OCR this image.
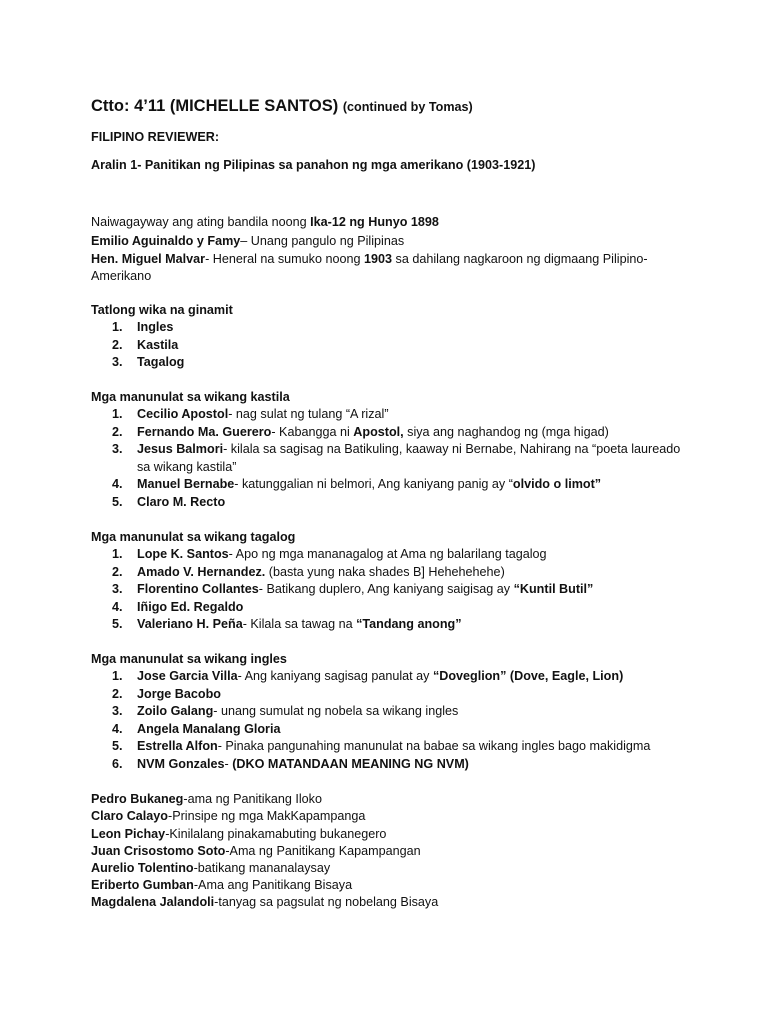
Ctto: 4’11 (MICHELLE SANTOS) (continued by Tomas)
FILIPINO REVIEWER:
Aralin 1- Panitikan ng Pilipinas sa panahon ng mga amerikano (1903-1921)
Naiwagayway ang ating bandila noong Ika-12 ng Hunyo 1898
Emilio Aguinaldo y Famy– Unang pangulo ng Pilipinas
Hen. Miguel Malvar- Heneral na sumuko noong 1903 sa dahilang nagkaroon ng digmaang Pilipino-
Amerikano
Tatlong wika na ginamit
1. Ingles
2. Kastila
3. Tagalog
Mga manunulat sa wikang kastila
1. Cecilio Apostol- nag sulat ng tulang “A rizal”
2. Fernando Ma. Guerero- Kabangga ni Apostol, siya ang naghandog ng (mga higad)
3. Jesus Balmori- kilala sa sagisag na Batikuling, kaaway ni Bernabe, Nahirang na “poeta laureado
sa wikang kastila”
4. Manuel Bernabe- katunggalian ni belmori, Ang kaniyang panig ay “olvido o limot”
5. Claro M. Recto
Mga manunulat sa wikang tagalog
1. Lope K. Santos- Apo ng mga mananagalog at Ama ng balarilang tagalog
2. Amado V. Hernandez. (basta yung naka shades B] Hehehehehe)
3. Florentino Collantes- Batikang duplero, Ang kaniyang saigisag ay “Kuntil Butil”
4. Iñigo Ed. Regaldo
5. Valeriano H. Peña- Kilala sa tawag na “Tandang anong”
Mga manunulat sa wikang ingles
1. Jose Garcia Villa- Ang kaniyang sagisag panulat ay “Doveglion” (Dove, Eagle, Lion)
2. Jorge Bacobo
3. Zoilo Galang- unang sumulat ng nobela sa wikang ingles
4. Angela Manalang Gloria
5. Estrella Alfon- Pinaka pangunahing manunulat na babae sa wikang ingles bago makidigma
6. NVM Gonzales- (DKO MATANDAAN MEANING NG NVM)
Pedro Bukaneg-ama ng Panitikang Iloko
Claro Calayo-Prinsipe ng mga MakKapampanga
Leon Pichay-Kinilalang pinakamabuting bukanegero
Juan Crisostomo Soto-Ama ng Panitikang Kapampangan
Aurelio Tolentino-batikang mananalaysay
Eriberto Gumban-Ama ang Panitikang Bisaya
Magdalena Jalandoli-tanyag sa pagsulat ng nobelang Bisaya
